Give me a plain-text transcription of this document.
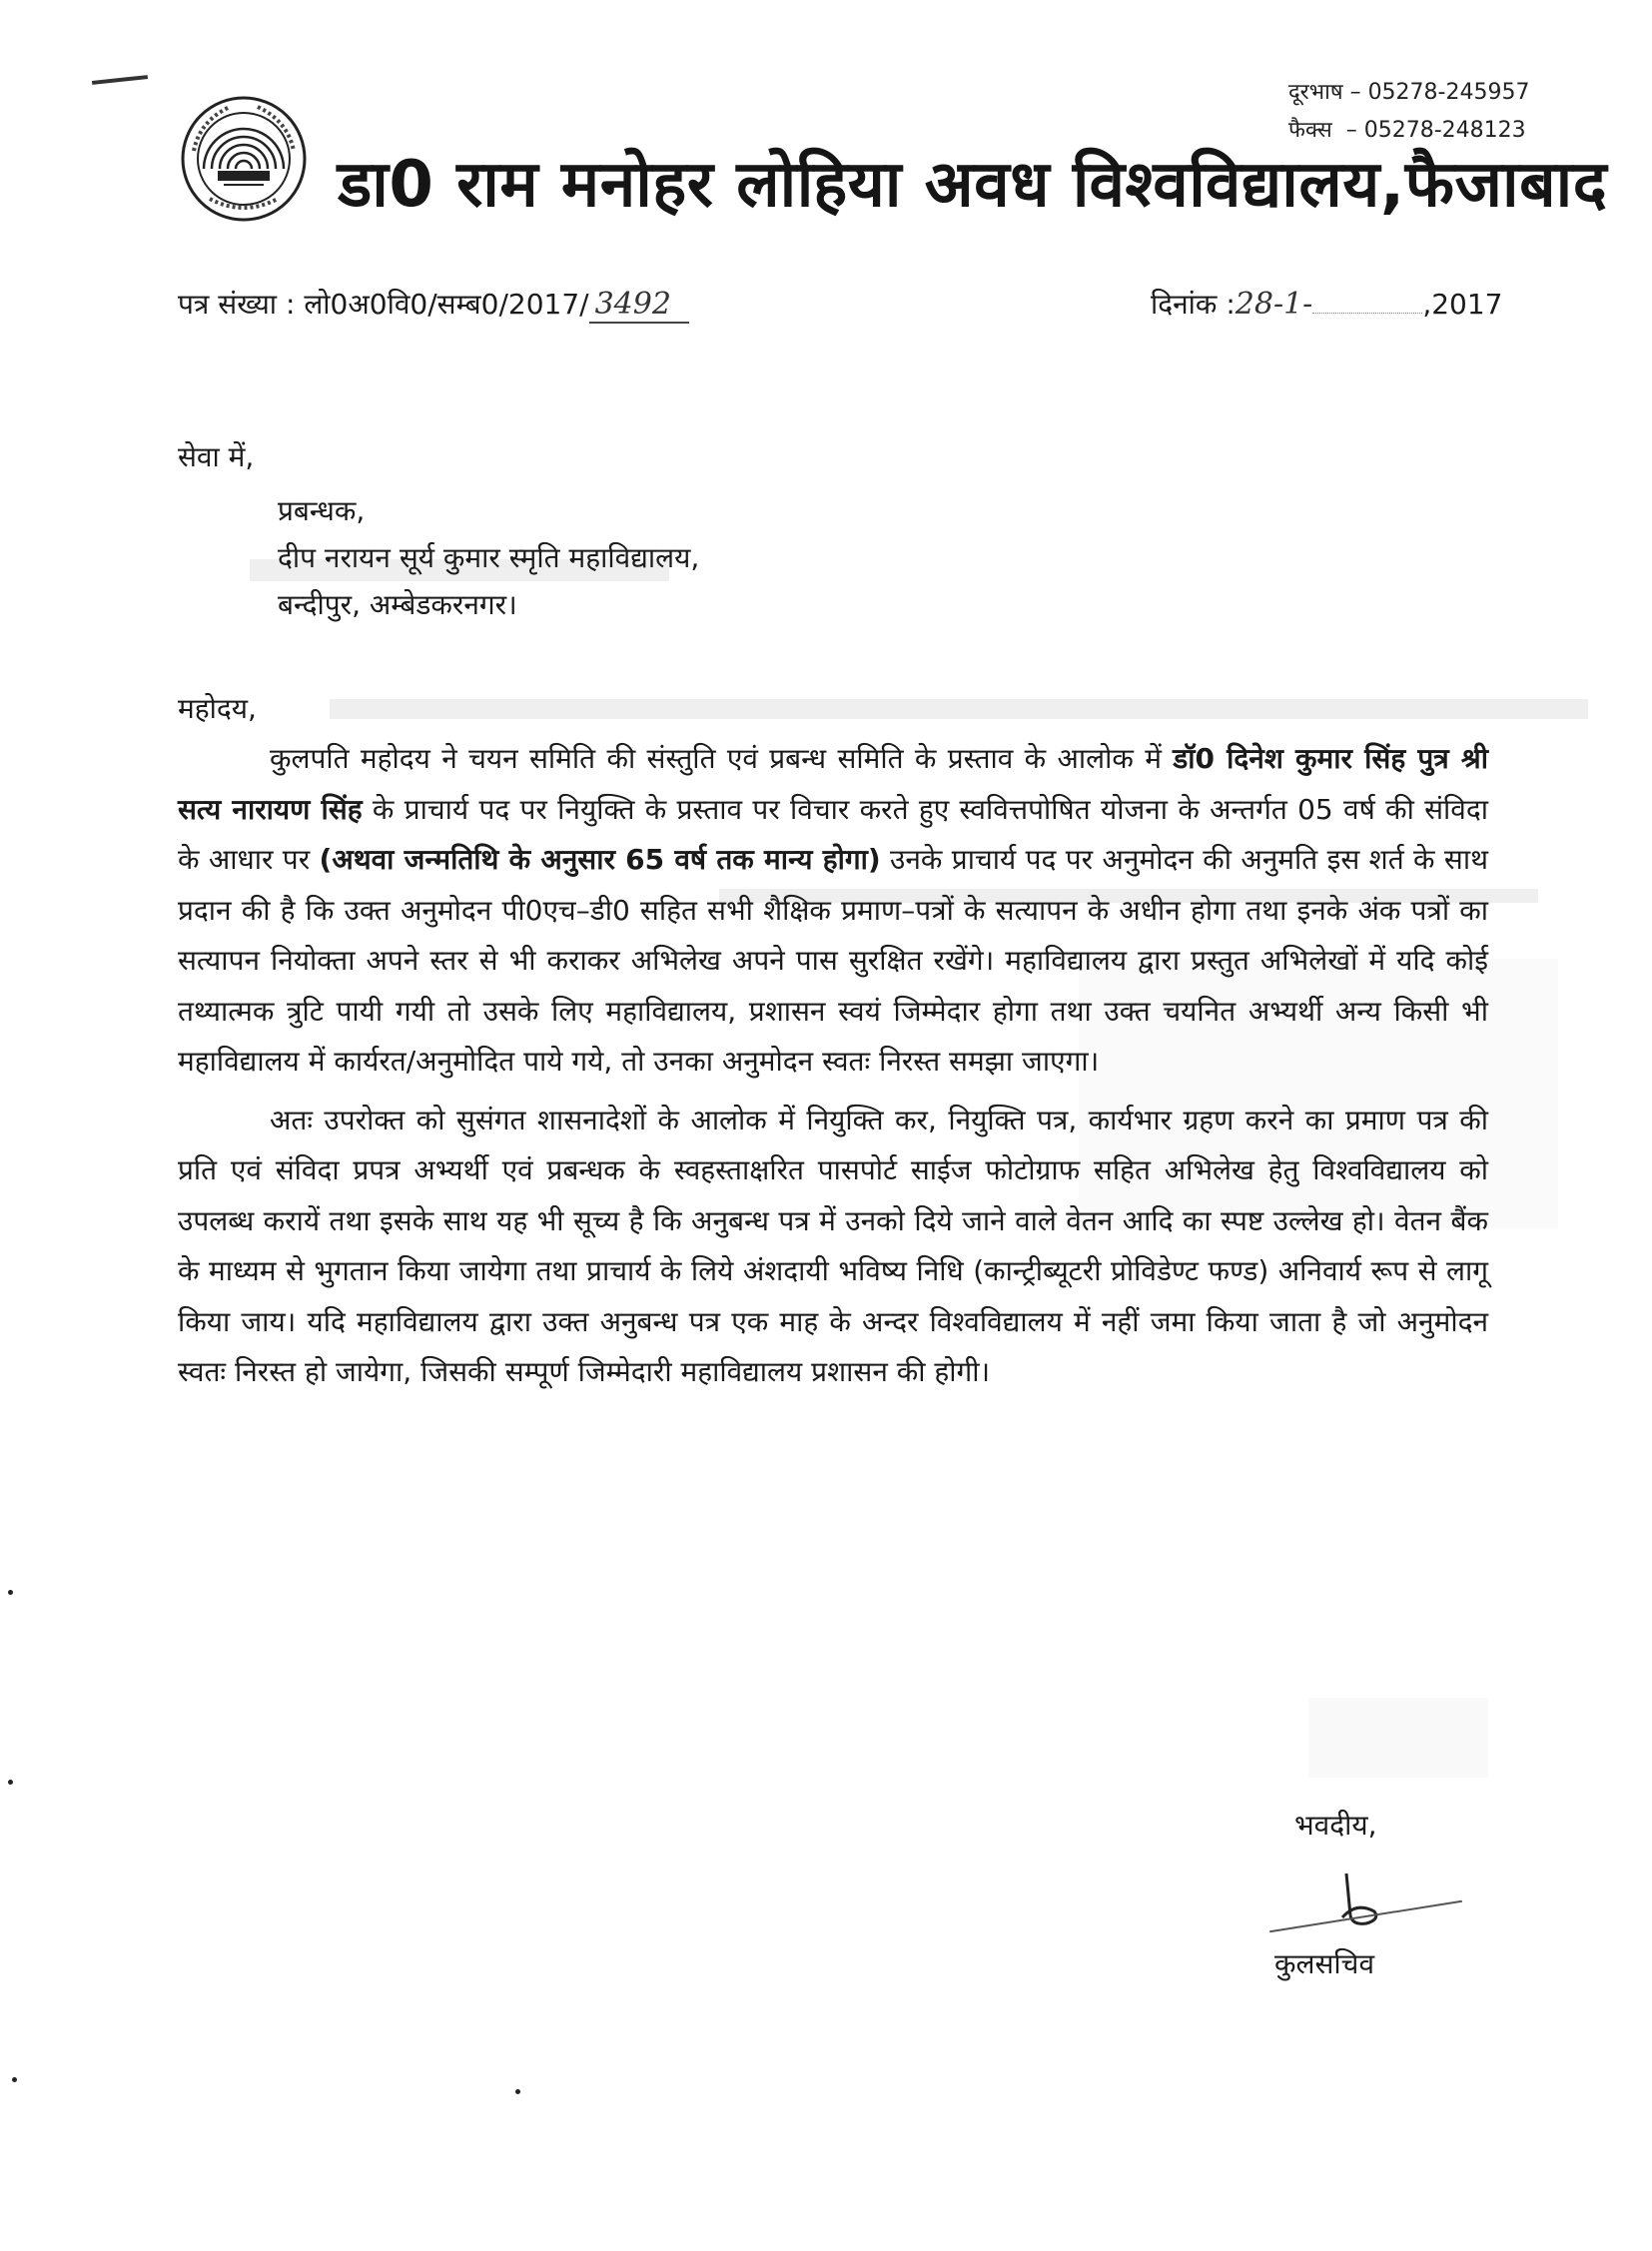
दूरभाष – 05278-245957
फैक्स  – 05278-248123
डा0 राम मनोहर लोहिया अवध विश्वविद्यालय,फैजाबाद
पत्र संख्या : लो0अ0वि0/सम्ब0/2017/ 3492	दिनांक :28-1-	,2017
सेवा में,
प्रबन्धक,
दीप नरायन सूर्य कुमार स्मृति महाविद्यालय,
बन्दीपुर, अम्बेडकरनगर।
महोदय,

कुलपति महोदय ने चयन समिति की संस्तुति एवं प्रबन्ध समिति के प्रस्ताव के आलोक में डॉ0 दिनेश कुमार सिंह पुत्र श्री सत्य नारायण सिंह के प्राचार्य पद पर नियुक्ति के प्रस्ताव पर विचार करते हुए स्ववित्तपोषित योजना के अन्तर्गत 05 वर्ष की संविदा के आधार पर (अथवा जन्मतिथि के अनुसार 65 वर्ष तक मान्य होगा) उनके प्राचार्य पद पर अनुमोदन की अनुमति इस शर्त के साथ प्रदान की है कि उक्त अनुमोदन पी0एच–डी0 सहित सभी शैक्षिक प्रमाण–पत्रों के सत्यापन के अधीन होगा तथा इनके अंक पत्रों का सत्यापन नियोक्ता अपने स्तर से भी कराकर अभिलेख अपने पास सुरक्षित रखेंगे। महाविद्यालय द्वारा प्रस्तुत अभिलेखों में यदि कोई तथ्यात्मक त्रुटि पायी गयी तो उसके लिए महाविद्यालय, प्रशासन स्वयं जिम्मेदार होगा तथा उक्त चयनित अभ्यर्थी अन्य किसी भी महाविद्यालय में कार्यरत/अनुमोदित पाये गये, तो उनका अनुमोदन स्वतः निरस्त समझा जाएगा।

अतः उपरोक्त को सुसंगत शासनादेशों के आलोक में नियुक्ति कर, नियुक्ति पत्र, कार्यभार ग्रहण करने का प्रमाण पत्र की प्रति एवं संविदा प्रपत्र अभ्यर्थी एवं प्रबन्धक के स्वहस्ताक्षरित पासपोर्ट साईज फोटोग्राफ सहित अभिलेख हेतु विश्वविद्यालय को उपलब्ध करायें तथा इसके साथ यह भी सूच्य है कि अनुबन्ध पत्र में उनको दिये जाने वाले वेतन आदि का स्पष्ट उल्लेख हो। वेतन बैंक के माध्यम से भुगतान किया जायेगा तथा प्राचार्य के लिये अंशदायी भविष्य निधि (कान्ट्रीब्यूटरी प्रोविडेण्ट फण्ड) अनिवार्य रूप से लागू किया जाय। यदि महाविद्यालय द्वारा उक्त अनुबन्ध पत्र एक माह के अन्दर विश्वविद्यालय में नहीं जमा किया जाता है जो अनुमोदन स्वतः निरस्त हो जायेगा, जिसकी सम्पूर्ण जिम्मेदारी महाविद्यालय प्रशासन की होगी।

भवदीय,
कुलसचिव
